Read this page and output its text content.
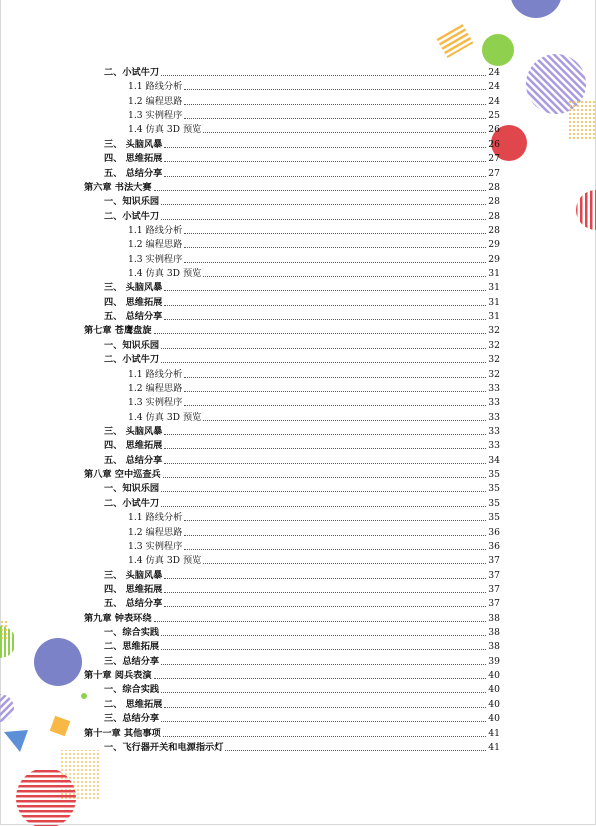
二、小试牛刀	24
1.1 路线分析	24
1.2 编程思路	24
1.3 实例程序	25
1.4 仿真 3D 预览	26
三、 头脑风暴	26
四、 思维拓展	27
五、 总结分享	27
第六章 书法大赛	28
一、知识乐园	28
二、小试牛刀	28
1.1 路线分析	28
1.2 编程思路	29
1.3 实例程序	29
1.4 仿真 3D 预览	31
三、 头脑风暴	31
四、 思维拓展	31
五、 总结分享	31
第七章 苍鹰盘旋	32
一、知识乐园	32
二、小试牛刀	32
1.1 路线分析	32
1.2 编程思路	33
1.3 实例程序	33
1.4 仿真 3D 预览	33
三、 头脑风暴	33
四、 思维拓展	33
五、 总结分享	34
第八章 空中巡查兵	35
一、知识乐园	35
二、小试牛刀	35
1.1 路线分析	35
1.2 编程思路	36
1.3 实例程序	36
1.4 仿真 3D 预览	37
三、 头脑风暴	37
四、 思维拓展	37
五、 总结分享	37
第九章 钟表环绕	38
一、综合实践	38
二、思维拓展	38
三、总结分享	39
第十章 阅兵表演	40
一、综合实践	40
二、 思维拓展	40
三、总结分享	40
第十一章 其他事项	41
一、飞行器开关和电源指示灯	41
